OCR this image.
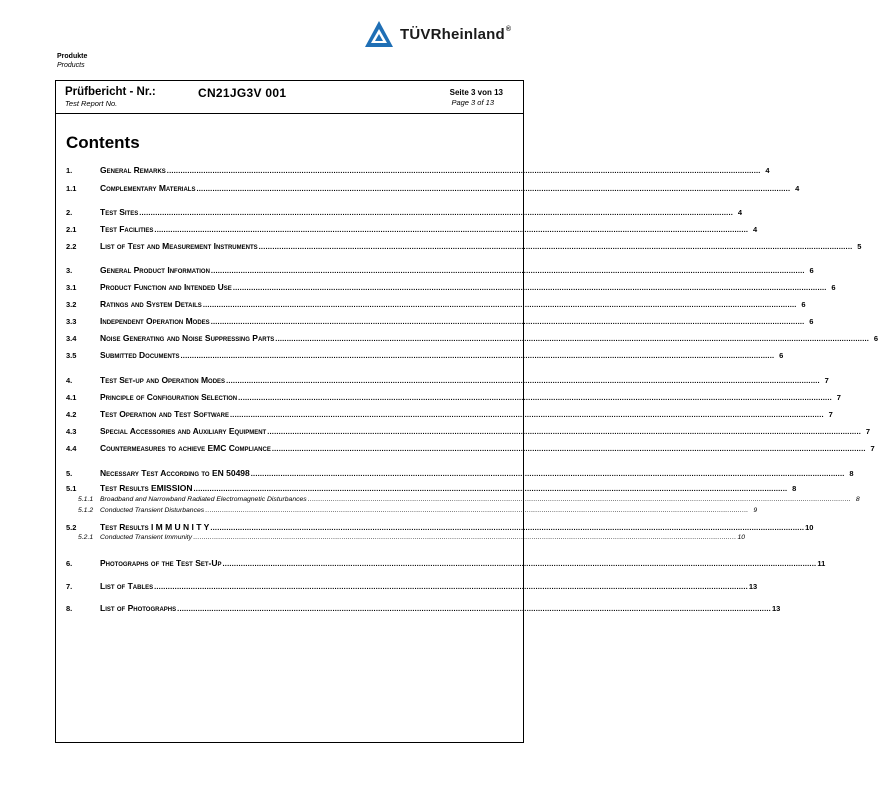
TÜVRheinland®
Produkte
Products
Prüfbericht - Nr.:
Test Report No.
CN21JG3V 001	Seite 3 von 13
Page 3 of 13
Contents
1.	General Remarks .................................................................................................................................................................................................................................................................... 4
1.1	Complementary Materials .................................................................................................................................................................................................................................................................... 4
2.	Test Sites .................................................................................................................................................................................................................................................................... 4
2.1	Test Facilities .................................................................................................................................................................................................................................................................... 4
2.2	List of Test and Measurement Instruments .................................................................................................................................................................................................................................................................... 5
3.	General Product Information .................................................................................................................................................................................................................................................................... 6
3.1	Product Function and Intended Use .................................................................................................................................................................................................................................................................... 6
3.2	Ratings and System Details .................................................................................................................................................................................................................................................................... 6
3.3	Independent Operation Modes .................................................................................................................................................................................................................................................................... 6
3.4	Noise Generating and Noise Suppressing Parts .................................................................................................................................................................................................................................................................... 6
3.5	Submitted Documents .................................................................................................................................................................................................................................................................... 6
4.	Test Set-up and Operation Modes .................................................................................................................................................................................................................................................................... 7
4.1	Principle of Configuration Selection .................................................................................................................................................................................................................................................................... 7
4.2	Test Operation and Test Software .................................................................................................................................................................................................................................................................... 7
4.3	Special Accessories and Auxiliary Equipment .................................................................................................................................................................................................................................................................... 7
4.4	Countermeasures to achieve EMC Compliance .................................................................................................................................................................................................................................................................... 7
5.	Necessary Test According to EN 50498 .................................................................................................................................................................................................................................................................... 8
5.1	Test Results EMISSION .................................................................................................................................................................................................................................................................... 8
5.1.1	Broadband and Narrowband Radiated Electromagnetic Disturbances .................................................................................................................................................................................................................................................................... 8
5.1.2	Conducted Transient Disturbances .................................................................................................................................................................................................................................................................... 9
5.2	Test Results I M M U N I T Y .................................................................................................................................................................................................................................................................... 10
5.2.1	Conducted Transient Immunity .................................................................................................................................................................................................................................................................... 10
6.	Photographs of the Test Set-Up .................................................................................................................................................................................................................................................................... 11
7.	List of Tables .................................................................................................................................................................................................................................................................... 13
8.	List of Photographs .................................................................................................................................................................................................................................................................... 13
